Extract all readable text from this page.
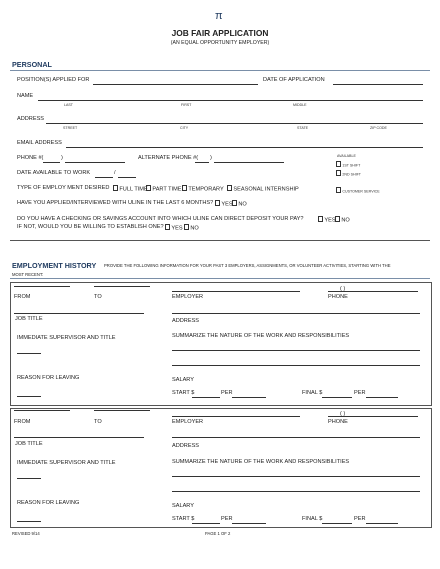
π
JOB FAIR APPLICATION
(AN EQUAL OPPORTUNITY EMPLOYER)
PERSONAL
POSITION(S) APPLIED FOR	DATE OF APPLICATION
NAME
LAST	FIRST	MIDDLE
ADDRESS
STREET	CITY	STATE	ZIP CODE
EMAIL ADDRESS
PHONE #(	)	ALTERNATE PHONE #( )	AVAILABLE
1ST SHIFT
2ND SHIFT
DATE AVAILABLE TO WORK	/
TYPE OF EMPLOY MENT DESIRED	FULL TIME PART TIME	TEMPORARY	SEASONAL INTERNSHIP	CUSTOMER SERVICE
HAVE YOU APPLIED/INTERVIEWED WITH ULINE IN THE LAST 6 MONTHS?	YES	NO
DO YOU HAVE A CHECKING OR SAVINGS ACCOUNT INTO WHICH ULINE CAN DIRECT DEPOSIT YOUR PAY?	YES	NO
IF NOT, WOULD YOU BE WILLING TO ESTABLISH ONE?	YES	NO
EMPLOYMENT HISTORY PROVIDE THE FOLLOWING INFORMATION FOR YOUR PAST 3 EMPLOYERS, ASSIGNMENTS, OR VOLUNTEER ACTIVITIES, STARTING WITH THE
MOST RECENT:
FROM	TO	EMPLOYER
( )
PHONE
JOB TITLE	ADDRESS
IMMEDIATE SUPERVISOR AND TITLE	SUMMARIZE THE NATURE OF THE WORK AND RESPONSIBILITIES
REASON FOR LEAVING	SALARY
START $	PER	FINAL $	PER
FROM	TO	EMPLOYER
( )
PHONE
JOB TITLE	ADDRESS
IMMEDIATE SUPERVISOR AND TITLE	SUMMARIZE THE NATURE OF THE WORK AND RESPONSIBILITIES
REASON FOR LEAVING	SALARY
START $	PER	FINAL $	PER
REVISED 9/14	PAGE 1 OF 2
